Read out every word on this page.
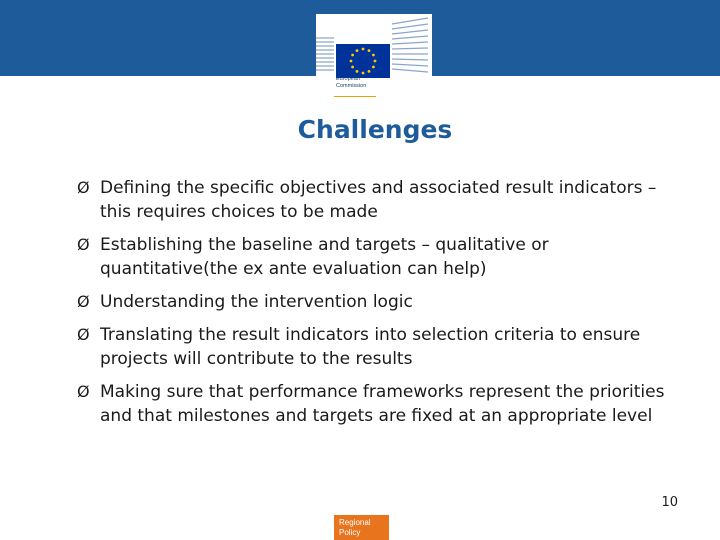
European
Commission
Challenges
Ø Defining the specific objectives and associated result indicators – this requires choices to be made
Ø Establishing the baseline and targets – qualitative or quantitative(the ex ante evaluation can help)
Ø Understanding the intervention logic
Ø Translating the result indicators into selection criteria to ensure projects will contribute to the results
Ø Making sure that performance frameworks represent the priorities and that milestones and targets are fixed at an appropriate level
10
Regional
Policy
